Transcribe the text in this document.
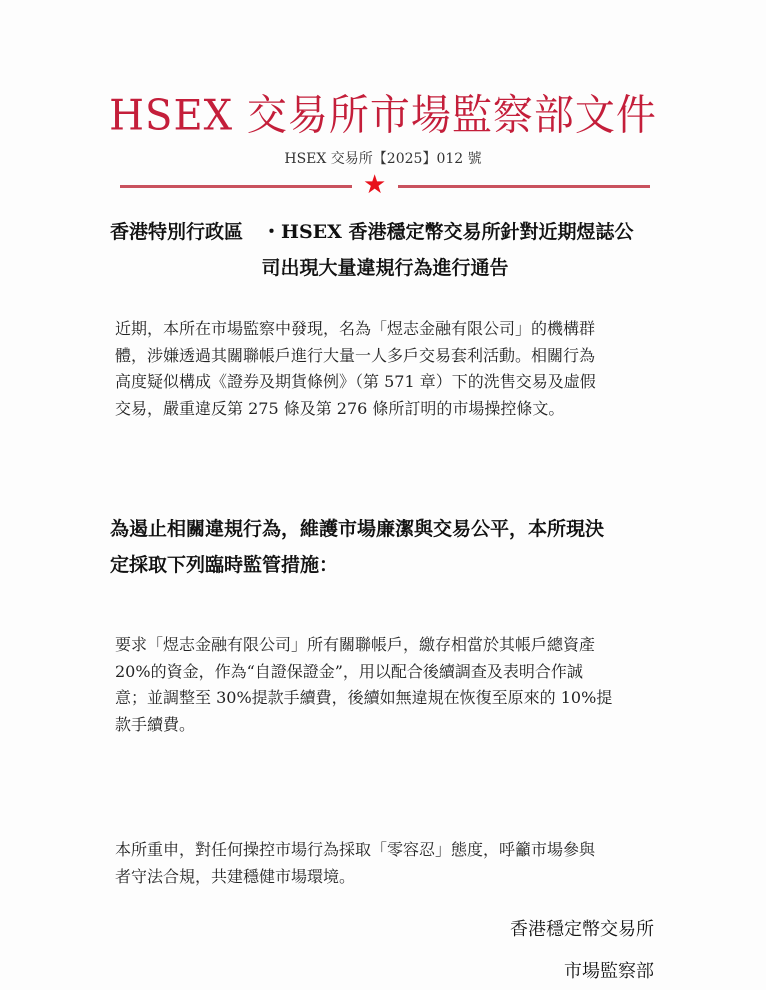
HSEX 交易所市場監察部文件
HSEX 交易所【2025】012 號
★
香港特別行政區　・HSEX 香港穩定幣交易所針對近期煜誌公
司出現大量違規行為進行通告
近期，本所在市場監察中發現，名為「煜志金融有限公司」的機構群
體，涉嫌透過其關聯帳戶進行大量一人多戶交易套利活動。相關行為
高度疑似構成《證券及期貨條例》（第 571 章）下的洗售交易及虛假
交易，嚴重違反第 275 條及第 276 條所訂明的市場操控條文。
為遏止相關違規行為，維護市場廉潔與交易公平，本所現決
定採取下列臨時監管措施：
要求「煜志金融有限公司」所有關聯帳戶，繳存相當於其帳戶總資產
20%的資金，作為“自證保證金”，用以配合後續調查及表明合作誠
意；並調整至 30%提款手續費，後續如無違規在恢復至原來的 10%提
款手續費。
本所重申，對任何操控市場行為採取「零容忍」態度，呼籲市場參與
者守法合規，共建穩健市場環境。
香港穩定幣交易所
市場監察部
